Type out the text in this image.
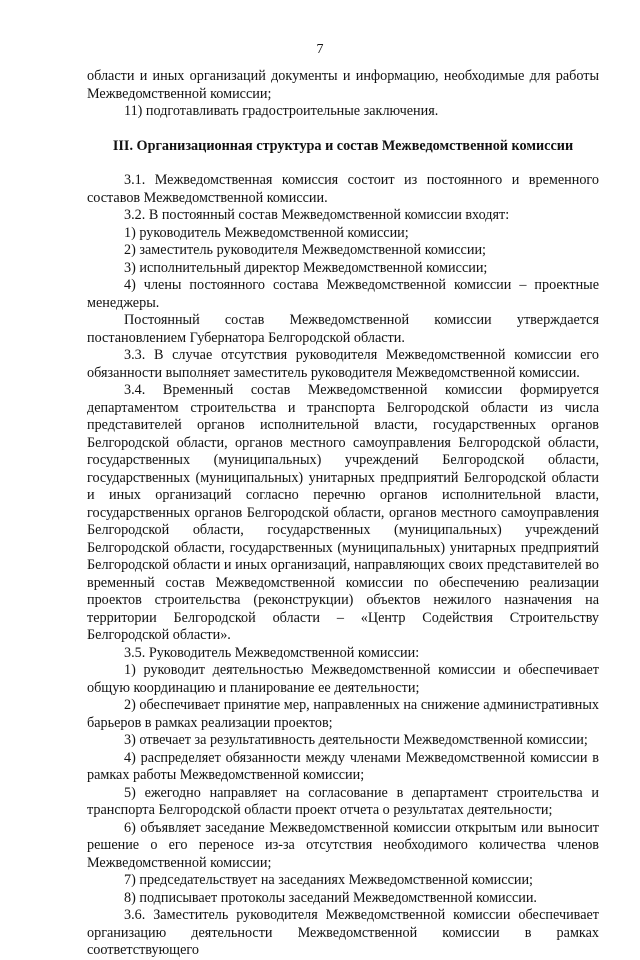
7

области и иных организаций документы и информацию, необходимые для работы Межведомственной комиссии;

11) подготавливать градостроительные заключения.

III. Организационная структура и состав Межведомственной комиссии

3.1. Межведомственная комиссия состоит из постоянного и временного составов Межведомственной комиссии.

3.2. В постоянный состав Межведомственной комиссии входят:

1) руководитель Межведомственной комиссии;

2) заместитель руководителя Межведомственной комиссии;

3) исполнительный директор Межведомственной комиссии;

4) члены постоянного состава Межведомственной комиссии – проектные менеджеры.

Постоянный состав Межведомственной комиссии утверждается постановлением Губернатора Белгородской области.

3.3. В случае отсутствия руководителя Межведомственной комиссии его обязанности выполняет заместитель руководителя Межведомственной комиссии.

3.4. Временный состав Межведомственной комиссии формируется департаментом строительства и транспорта Белгородской области из числа представителей органов исполнительной власти, государственных органов Белгородской области, органов местного самоуправления Белгородской области, государственных (муниципальных) учреждений Белгородской области, государственных (муниципальных) унитарных предприятий Белгородской области и иных организаций согласно перечню органов исполнительной власти, государственных органов Белгородской области, органов местного самоуправления Белгородской области, государственных (муниципальных) учреждений Белгородской области, государственных (муниципальных) унитарных предприятий Белгородской области и иных организаций, направляющих своих представителей во временный состав Межведомственной комиссии по обеспечению реализации проектов строительства (реконструкции) объектов нежилого назначения на территории Белгородской области – «Центр Содействия Строительству Белгородской области».

3.5. Руководитель Межведомственной комиссии:

1) руководит деятельностью Межведомственной комиссии и обеспечивает общую координацию и планирование ее деятельности;

2) обеспечивает принятие мер, направленных на снижение административных барьеров в рамках реализации проектов;

3) отвечает за результативность деятельности Межведомственной комиссии;

4) распределяет обязанности между членами Межведомственной комиссии в рамках работы Межведомственной комиссии;

5) ежегодно направляет на согласование в департамент строительства и транспорта Белгородской области проект отчета о результатах деятельности;

6) объявляет заседание Межведомственной комиссии открытым или выносит решение о его переносе из-за отсутствия необходимого количества членов Межведомственной комиссии;

7) председательствует на заседаниях Межведомственной комиссии;

8) подписывает протоколы заседаний Межведомственной комиссии.

3.6. Заместитель руководителя Межведомственной комиссии обеспечивает организацию деятельности Межведомственной комиссии в рамках соответствующего
